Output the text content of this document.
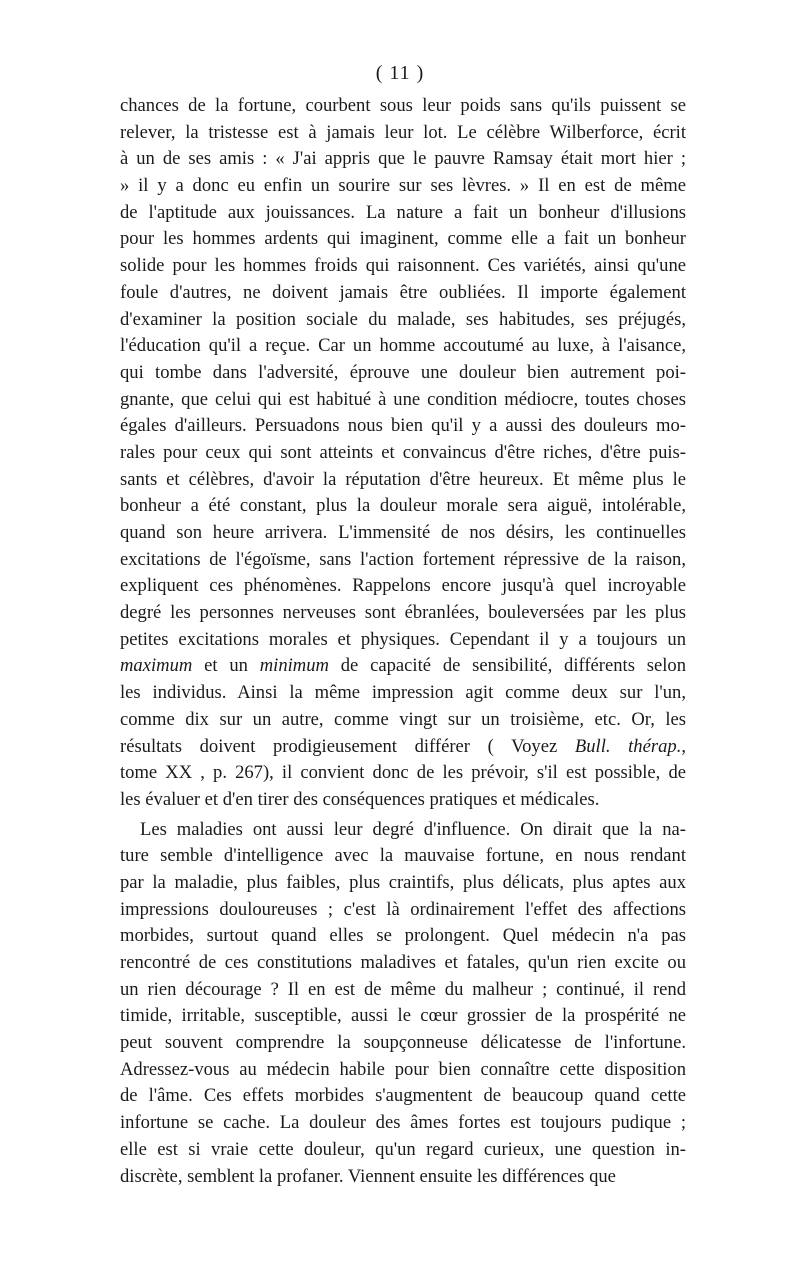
( 11 )
chances de la fortune, courbent sous leur poids sans qu'ils puissent se
relever, la tristesse est à jamais leur lot. Le célèbre Wilberforce, écrit
à un de ses amis : « J'ai appris que le pauvre Ramsay était mort hier ;
» il y a donc eu enfin un sourire sur ses lèvres. » Il en est de même
de l'aptitude aux jouissances. La nature a fait un bonheur d'illusions
pour les hommes ardents qui imaginent, comme elle a fait un bonheur
solide pour les hommes froids qui raisonnent. Ces variétés, ainsi qu'une
foule d'autres, ne doivent jamais être oubliées. Il importe également
d'examiner la position sociale du malade, ses habitudes, ses préjugés,
l'éducation qu'il a reçue. Car un homme accoutumé au luxe, à l'aisance,
qui tombe dans l'adversité, éprouve une douleur bien autrement poi-
gnante, que celui qui est habitué à une condition médiocre, toutes choses
égales d'ailleurs. Persuadons nous bien qu'il y a aussi des douleurs mo-
rales pour ceux qui sont atteints et convaincus d'être riches, d'être puis-
sants et célèbres, d'avoir la réputation d'être heureux. Et même plus le
bonheur a été constant, plus la douleur morale sera aiguë, intolérable,
quand son heure arrivera. L'immensité de nos désirs, les continuelles
excitations de l'égoïsme, sans l'action fortement répressive de la raison,
expliquent ces phénomènes. Rappelons encore jusqu'à quel incroyable
degré les personnes nerveuses sont ébranlées, bouleversées par les plus
petites excitations morales et physiques. Cependant il y a toujours un
maximum et un minimum de capacité de sensibilité, différents selon
les individus. Ainsi la même impression agit comme deux sur l'un,
comme dix sur un autre, comme vingt sur un troisième, etc. Or, les
résultats doivent prodigieusement différer ( Voyez Bull. thérap.,
tome XX , p. 267), il convient donc de les prévoir, s'il est possible, de
les évaluer et d'en tirer des conséquences pratiques et médicales.
Les maladies ont aussi leur degré d'influence. On dirait que la na-
ture semble d'intelligence avec la mauvaise fortune, en nous rendant
par la maladie, plus faibles, plus craintifs, plus délicats, plus aptes aux
impressions douloureuses ; c'est là ordinairement l'effet des affections
morbides, surtout quand elles se prolongent. Quel médecin n'a pas
rencontré de ces constitutions maladives et fatales, qu'un rien excite ou
un rien décourage ? Il en est de même du malheur ; continué, il rend
timide, irritable, susceptible, aussi le cœur grossier de la prospérité ne
peut souvent comprendre la soupçonneuse délicatesse de l'infortune.
Adressez-vous au médecin habile pour bien connaître cette disposition
de l'âme. Ces effets morbides s'augmentent de beaucoup quand cette
infortune se cache. La douleur des âmes fortes est toujours pudique ;
elle est si vraie cette douleur, qu'un regard curieux, une question in-
discrète, semblent la profaner. Viennent ensuite les différences que
